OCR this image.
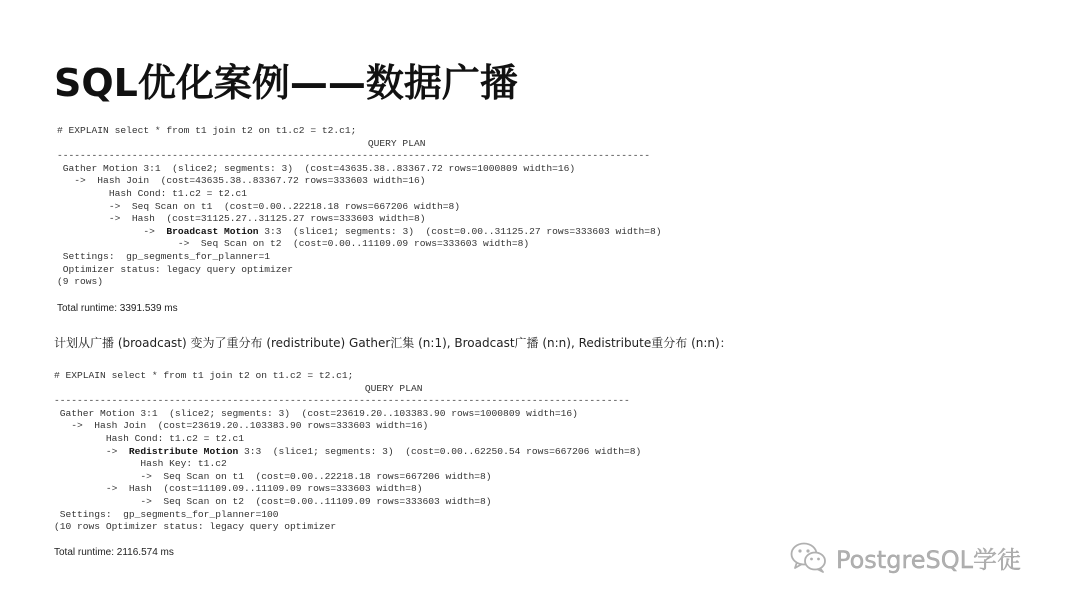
SQL优化案例——数据广播
# EXPLAIN select * from t1 join t2 on t1.c2 = t2.c1;
QUERY PLAN
-------------------------------------------------------------------------------------------------------
Gather Motion 3:1  (slice2; segments: 3)  (cost=43635.38..83367.72 rows=1000809 width=16)
->  Hash Join  (cost=43635.38..83367.72 rows=333603 width=16)
Hash Cond: t1.c2 = t2.c1
->  Seq Scan on t1  (cost=0.00..22218.18 rows=667206 width=8)
->  Hash  (cost=31125.27..31125.27 rows=333603 width=8)
->  Broadcast Motion 3:3  (slice1; segments: 3)  (cost=0.00..31125.27 rows=333603 width=8)
->  Seq Scan on t2  (cost=0.00..11109.09 rows=333603 width=8)
Settings:  gp_segments_for_planner=1
Optimizer status: legacy query optimizer
(9 rows)
Total runtime: 3391.539 ms
计划从广播 (broadcast) 变为了重分布 (redistribute) Gather汇集 (n:1), Broadcast广播 (n:n), Redistribute重分布 (n:n)：
# EXPLAIN select * from t1 join t2 on t1.c2 = t2.c1;
QUERY PLAN
----------------------------------------------------------------------------------------------------
Gather Motion 3:1  (slice2; segments: 3)  (cost=23619.20..103383.90 rows=1000809 width=16)
->  Hash Join  (cost=23619.20..103383.90 rows=333603 width=16)
Hash Cond: t1.c2 = t2.c1
->  Redistribute Motion 3:3  (slice1; segments: 3)  (cost=0.00..62250.54 rows=667206 width=8)
Hash Key: t1.c2
->  Seq Scan on t1  (cost=0.00..22218.18 rows=667206 width=8)
->  Hash  (cost=11109.09..11109.09 rows=333603 width=8)
->  Seq Scan on t2  (cost=0.00..11109.09 rows=333603 width=8)
Settings:  gp_segments_for_planner=100
(10 rows Optimizer status: legacy query optimizer
Total runtime: 2116.574 ms	PostgreSQL学徒
